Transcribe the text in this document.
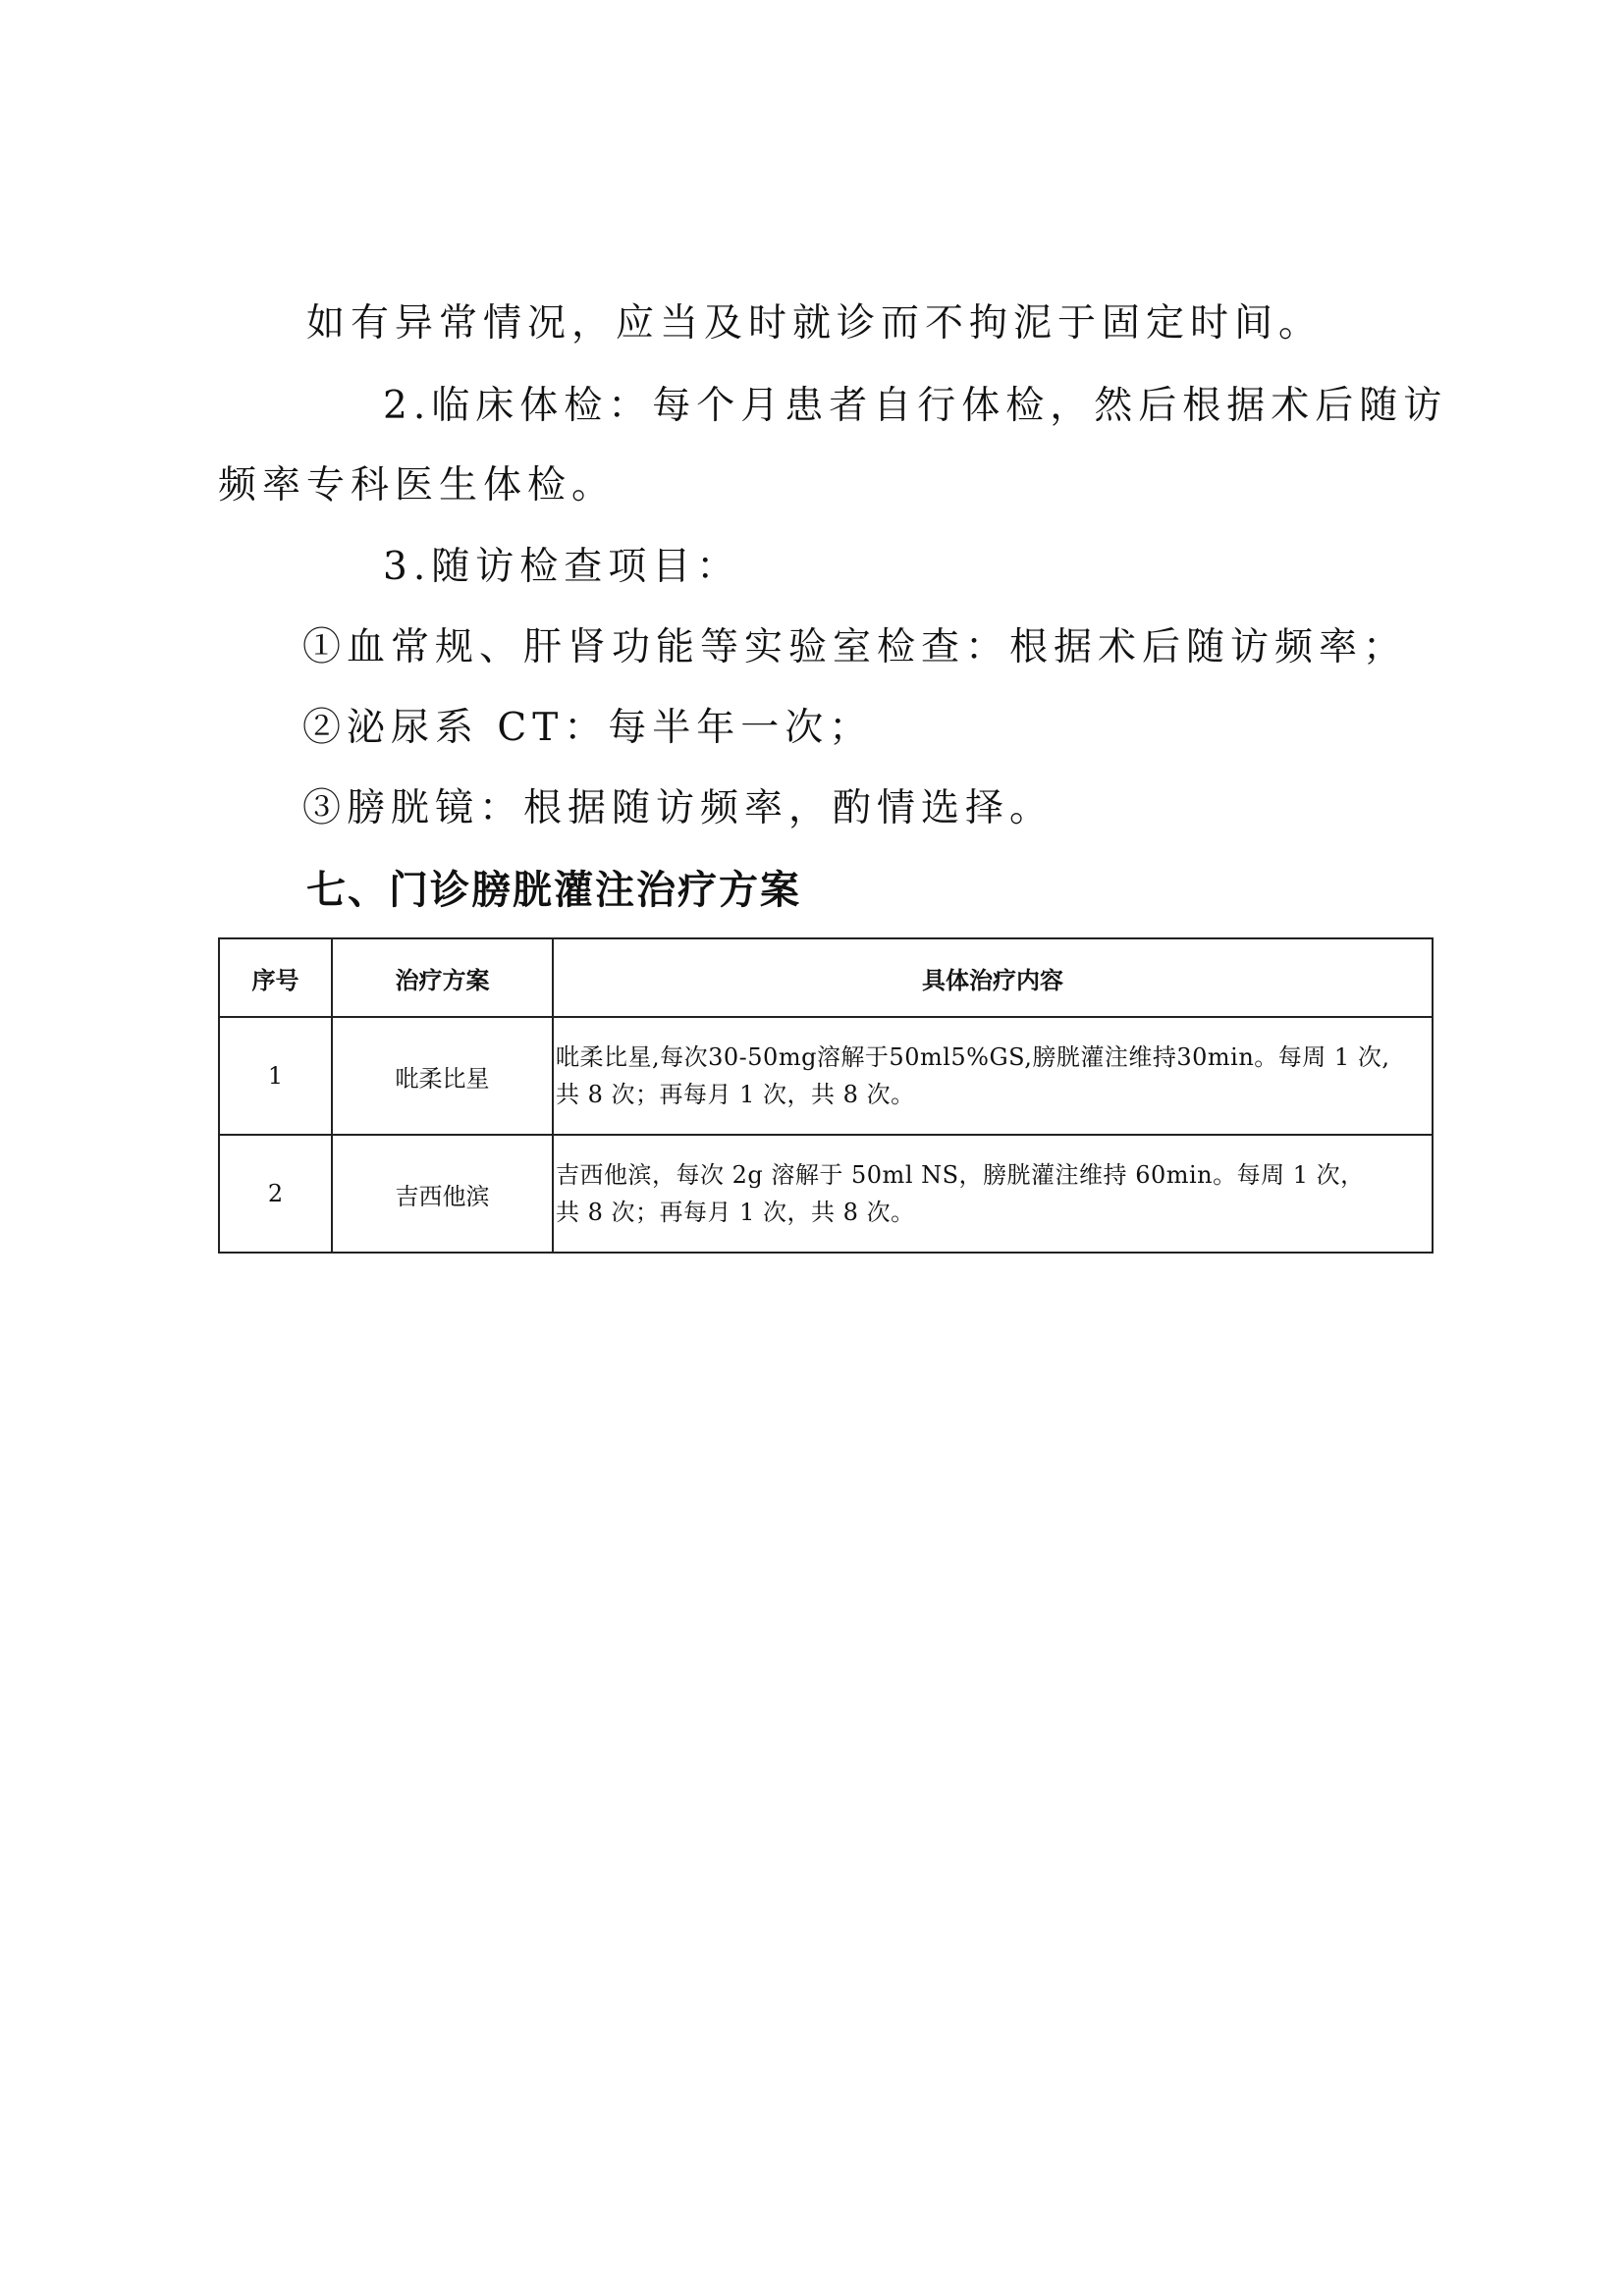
如有异常情况，应当及时就诊而不拘泥于固定时间。
2.临床体检：每个月患者自行体检，然后根据术后随访
频率专科医生体检。
3.随访检查项目：
①血常规、肝肾功能等实验室检查：根据术后随访频率；
②泌尿系 CT：每半年一次；
③膀胱镜：根据随访频率，酌情选择。
七、门诊膀胱灌注治疗方案
序号	治疗方案	具体治疗内容
1	吡柔比星	吡柔比星,每次30-50mg溶解于50ml5%GS,膀胱灌注维持30min。每周 1 次,
共 8 次；再每月 1 次，共 8 次。

2	吉西他滨	吉西他滨，每次 2g 溶解于 50ml NS，膀胱灌注维持 60min。每周 1 次，
共 8 次；再每月 1 次，共 8 次。
